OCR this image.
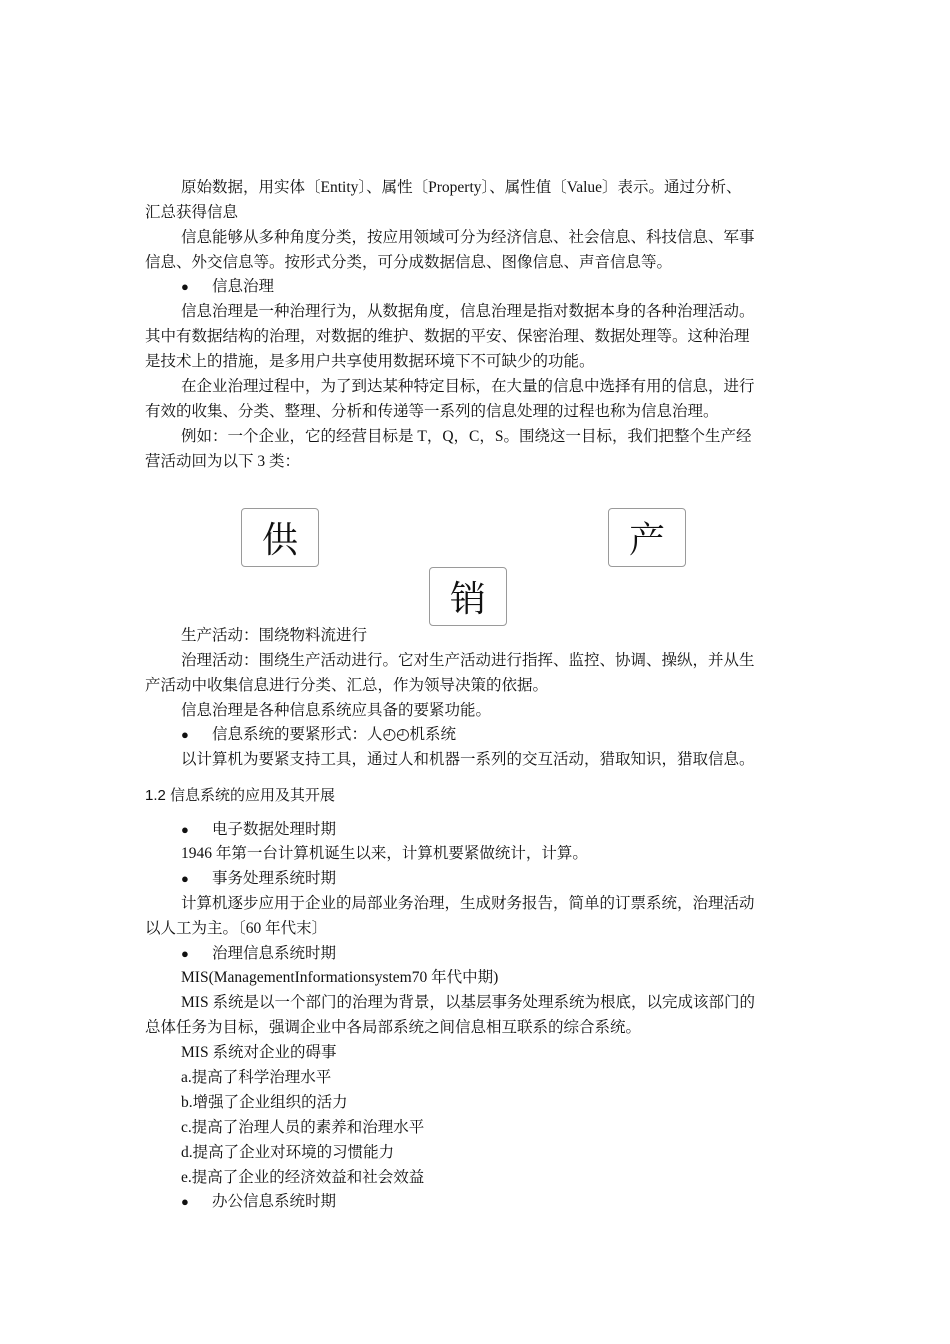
原始数据，用实体〔Entity〕、属性〔Property〕、属性值〔Value〕表示。通过分析、
汇总获得信息
信息能够从多种角度分类，按应用领域可分为经济信息、社会信息、科技信息、军事
信息、外交信息等。按形式分类，可分成数据信息、图像信息、声音信息等。
●信息治理
信息治理是一种治理行为，从数据角度，信息治理是指对数据本身的各种治理活动。
其中有数据结构的治理，对数据的维护、数据的平安、保密治理、数据处理等。这种治理
是技术上的措施，是多用户共享使用数据环境下不可缺少的功能。
在企业治理过程中，为了到达某种特定目标，在大量的信息中选择有用的信息，进行
有效的收集、分类、整理、分析和传递等一系列的信息处理的过程也称为信息治理。
例如：一个企业，它的经营目标是 T，Q，C，S。围绕这一目标，我们把整个生产经
营活动回为以下 3 类：
供	产
销
生产活动：围绕物料流进行
治理活动：围绕生产活动进行。它对生产活动进行指挥、监控、协调、操纵，并从生
产活动中收集信息进行分类、汇总，作为领导决策的依据。
信息治理是各种信息系统应具备的要紧功能。
●信息系统的要紧形式：人◴◴机系统
以计算机为要紧支持工具，通过人和机器一系列的交互活动，猎取知识，猎取信息。
1.2 信息系统的应用及其开展
●电子数据处理时期
1946 年第一台计算机诞生以来，计算机要紧做统计，计算。
●事务处理系统时期
计算机逐步应用于企业的局部业务治理，生成财务报告，简单的订票系统，治理活动
以人工为主。〔60 年代末〕
●治理信息系统时期
MIS(ManagementInformationsystem70 年代中期)
MIS 系统是以一个部门的治理为背景，以基层事务处理系统为根底，以完成该部门的
总体任务为目标，强调企业中各局部系统之间信息相互联系的综合系统。
MIS 系统对企业的碍事
a.提高了科学治理水平
b.增强了企业组织的活力
c.提高了治理人员的素养和治理水平
d.提高了企业对环境的习惯能力
e.提高了企业的经济效益和社会效益
●办公信息系统时期
